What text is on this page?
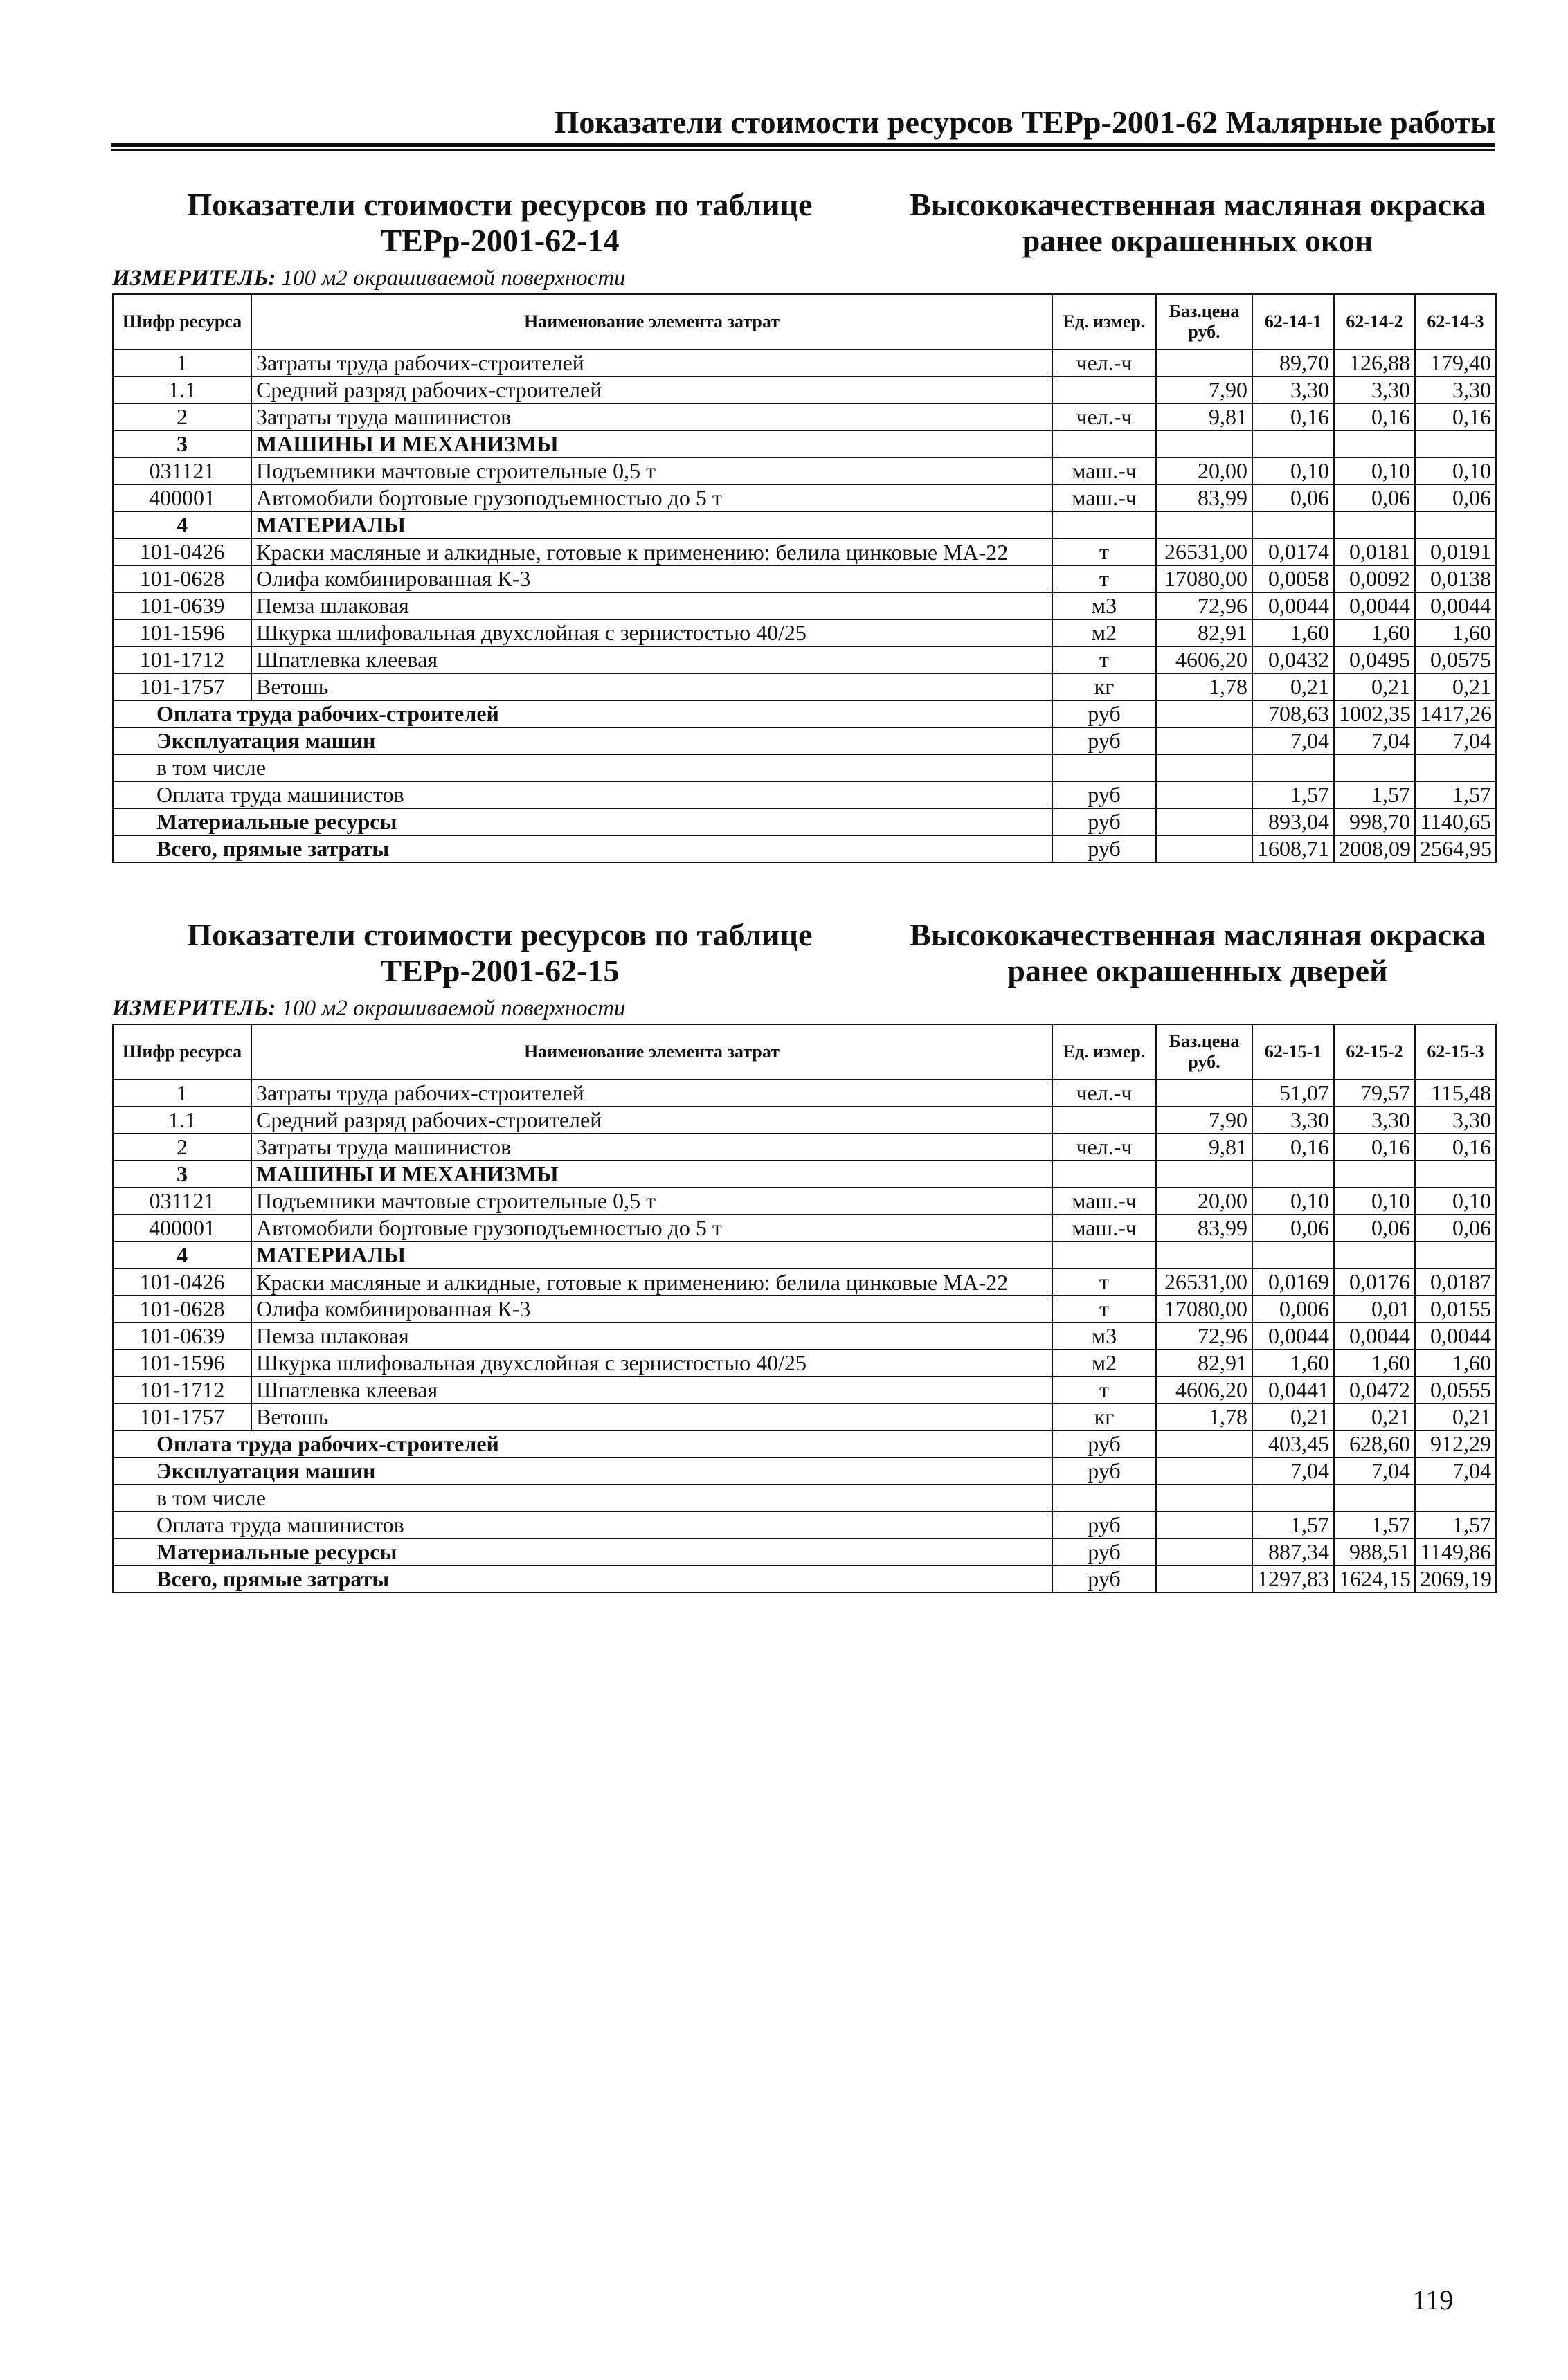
Показатели стоимости ресурсов ТЕРр-2001-62 Малярные работы
Показатели стоимости ресурсов по таблице ТЕРр-2001-62-14
Высококачественная масляная окраска ранее окрашенных окон
ИЗМЕРИТЕЛЬ: 100 м2 окрашиваемой поверхности
Шифр ресурса	Наименование элемента затрат	Ед. измер.	Баз.цена руб.	62-14-1	62-14-2	62-14-3
1	Затраты труда рабочих-строителей	чел.-ч		89,70	126,88	179,40
1.1	Средний разряд рабочих-строителей		7,90	3,30	3,30	3,30
2	Затраты труда машинистов	чел.-ч	9,81	0,16	0,16	0,16
3	МАШИНЫ И МЕХАНИЗМЫ					
031121	Подъемники мачтовые строительные 0,5 т	маш.-ч	20,00	0,10	0,10	0,10
400001	Автомобили бортовые грузоподъемностью до 5 т	маш.-ч	83,99	0,06	0,06	0,06
4	МАТЕРИАЛЫ					
101-0426	Краски масляные и алкидные, готовые к применению: белила цинковые МА-22	т	26531,00	0,0174	0,0181	0,0191
101-0628	Олифа комбинированная К-3	т	17080,00	0,0058	0,0092	0,0138
101-0639	Пемза шлаковая	м3	72,96	0,0044	0,0044	0,0044
101-1596	Шкурка шлифовальная двухслойная с зернистостью 40/25	м2	82,91	1,60	1,60	1,60
101-1712	Шпатлевка клеевая	т	4606,20	0,0432	0,0495	0,0575
101-1757	Ветошь	кг	1,78	0,21	0,21	0,21
Оплата труда рабочих-строителей		руб		708,63	1002,35	1417,26
Эксплуатация машин		руб		7,04	7,04	7,04
в том числе						
Оплата труда машинистов		руб		1,57	1,57	1,57
Материальные ресурсы		руб		893,04	998,70	1140,65
Всего, прямые затраты		руб		1608,71	2008,09	2564,95
Показатели стоимости ресурсов по таблице ТЕРр-2001-62-15
Высококачественная масляная окраска ранее окрашенных дверей
ИЗМЕРИТЕЛЬ: 100 м2 окрашиваемой поверхности
Шифр ресурса	Наименование элемента затрат	Ед. измер.	Баз.цена руб.	62-15-1	62-15-2	62-15-3
1	Затраты труда рабочих-строителей	чел.-ч		51,07	79,57	115,48
1.1	Средний разряд рабочих-строителей		7,90	3,30	3,30	3,30
2	Затраты труда машинистов	чел.-ч	9,81	0,16	0,16	0,16
3	МАШИНЫ И МЕХАНИЗМЫ					
031121	Подъемники мачтовые строительные 0,5 т	маш.-ч	20,00	0,10	0,10	0,10
400001	Автомобили бортовые грузоподъемностью до 5 т	маш.-ч	83,99	0,06	0,06	0,06
4	МАТЕРИАЛЫ					
101-0426	Краски масляные и алкидные, готовые к применению: белила цинковые МА-22	т	26531,00	0,0169	0,0176	0,0187
101-0628	Олифа комбинированная К-3	т	17080,00	0,006	0,01	0,0155
101-0639	Пемза шлаковая	м3	72,96	0,0044	0,0044	0,0044
101-1596	Шкурка шлифовальная двухслойная с зернистостью 40/25	м2	82,91	1,60	1,60	1,60
101-1712	Шпатлевка клеевая	т	4606,20	0,0441	0,0472	0,0555
101-1757	Ветошь	кг	1,78	0,21	0,21	0,21
Оплата труда рабочих-строителей		руб		403,45	628,60	912,29
Эксплуатация машин		руб		7,04	7,04	7,04
в том числе						
Оплата труда машинистов		руб		1,57	1,57	1,57
Материальные ресурсы		руб		887,34	988,51	1149,86
Всего, прямые затраты		руб		1297,83	1624,15	2069,19
119
